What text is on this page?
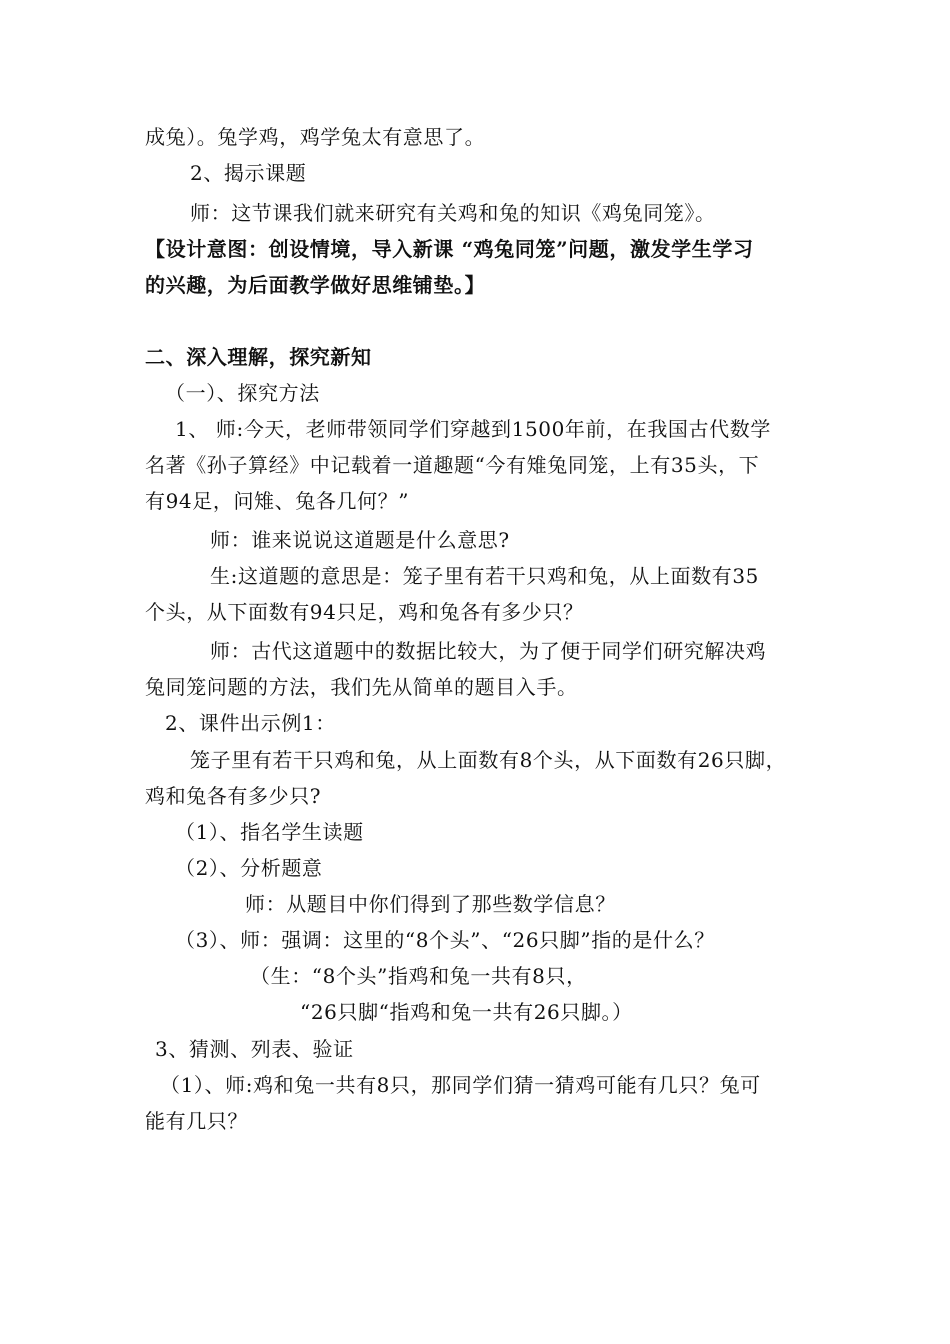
成兔）。兔学鸡，鸡学兔太有意思了。
2、揭示课题
师：这节课我们就来研究有关鸡和兔的知识《鸡兔同笼》。
【设计意图：创设情境，导入新课 “鸡兔同笼”问题，激发学生学习
的兴趣，为后面教学做好思维铺垫。】
二、深入理解，探究新知
（一）、探究方法
1、 师:今天，老师带领同学们穿越到1500年前，在我国古代数学
名著《孙子算经》中记载着一道趣题“今有雉兔同笼，上有35头，下
有94足，问雉、兔各几何？”
师：谁来说说这道题是什么意思?
生:这道题的意思是：笼子里有若干只鸡和兔，从上面数有35
个头，从下面数有94只足，鸡和兔各有多少只？
师：古代这道题中的数据比较大，为了便于同学们研究解决鸡
兔同笼问题的方法，我们先从简单的题目入手。
2、课件出示例1：
笼子里有若干只鸡和兔，从上面数有8个头，从下面数有26只脚，
鸡和兔各有多少只?
（1）、指名学生读题
（2）、分析题意
师：从题目中你们得到了那些数学信息？
（3）、师：强调：这里的“8个头”、“26只脚”指的是什么？
（生：“8个头”指鸡和兔一共有8只，
“26只脚“指鸡和兔一共有26只脚。）
3、猜测、列表、验证
（1）、师:鸡和兔一共有8只，那同学们猜一猜鸡可能有几只？兔可
能有几只？
